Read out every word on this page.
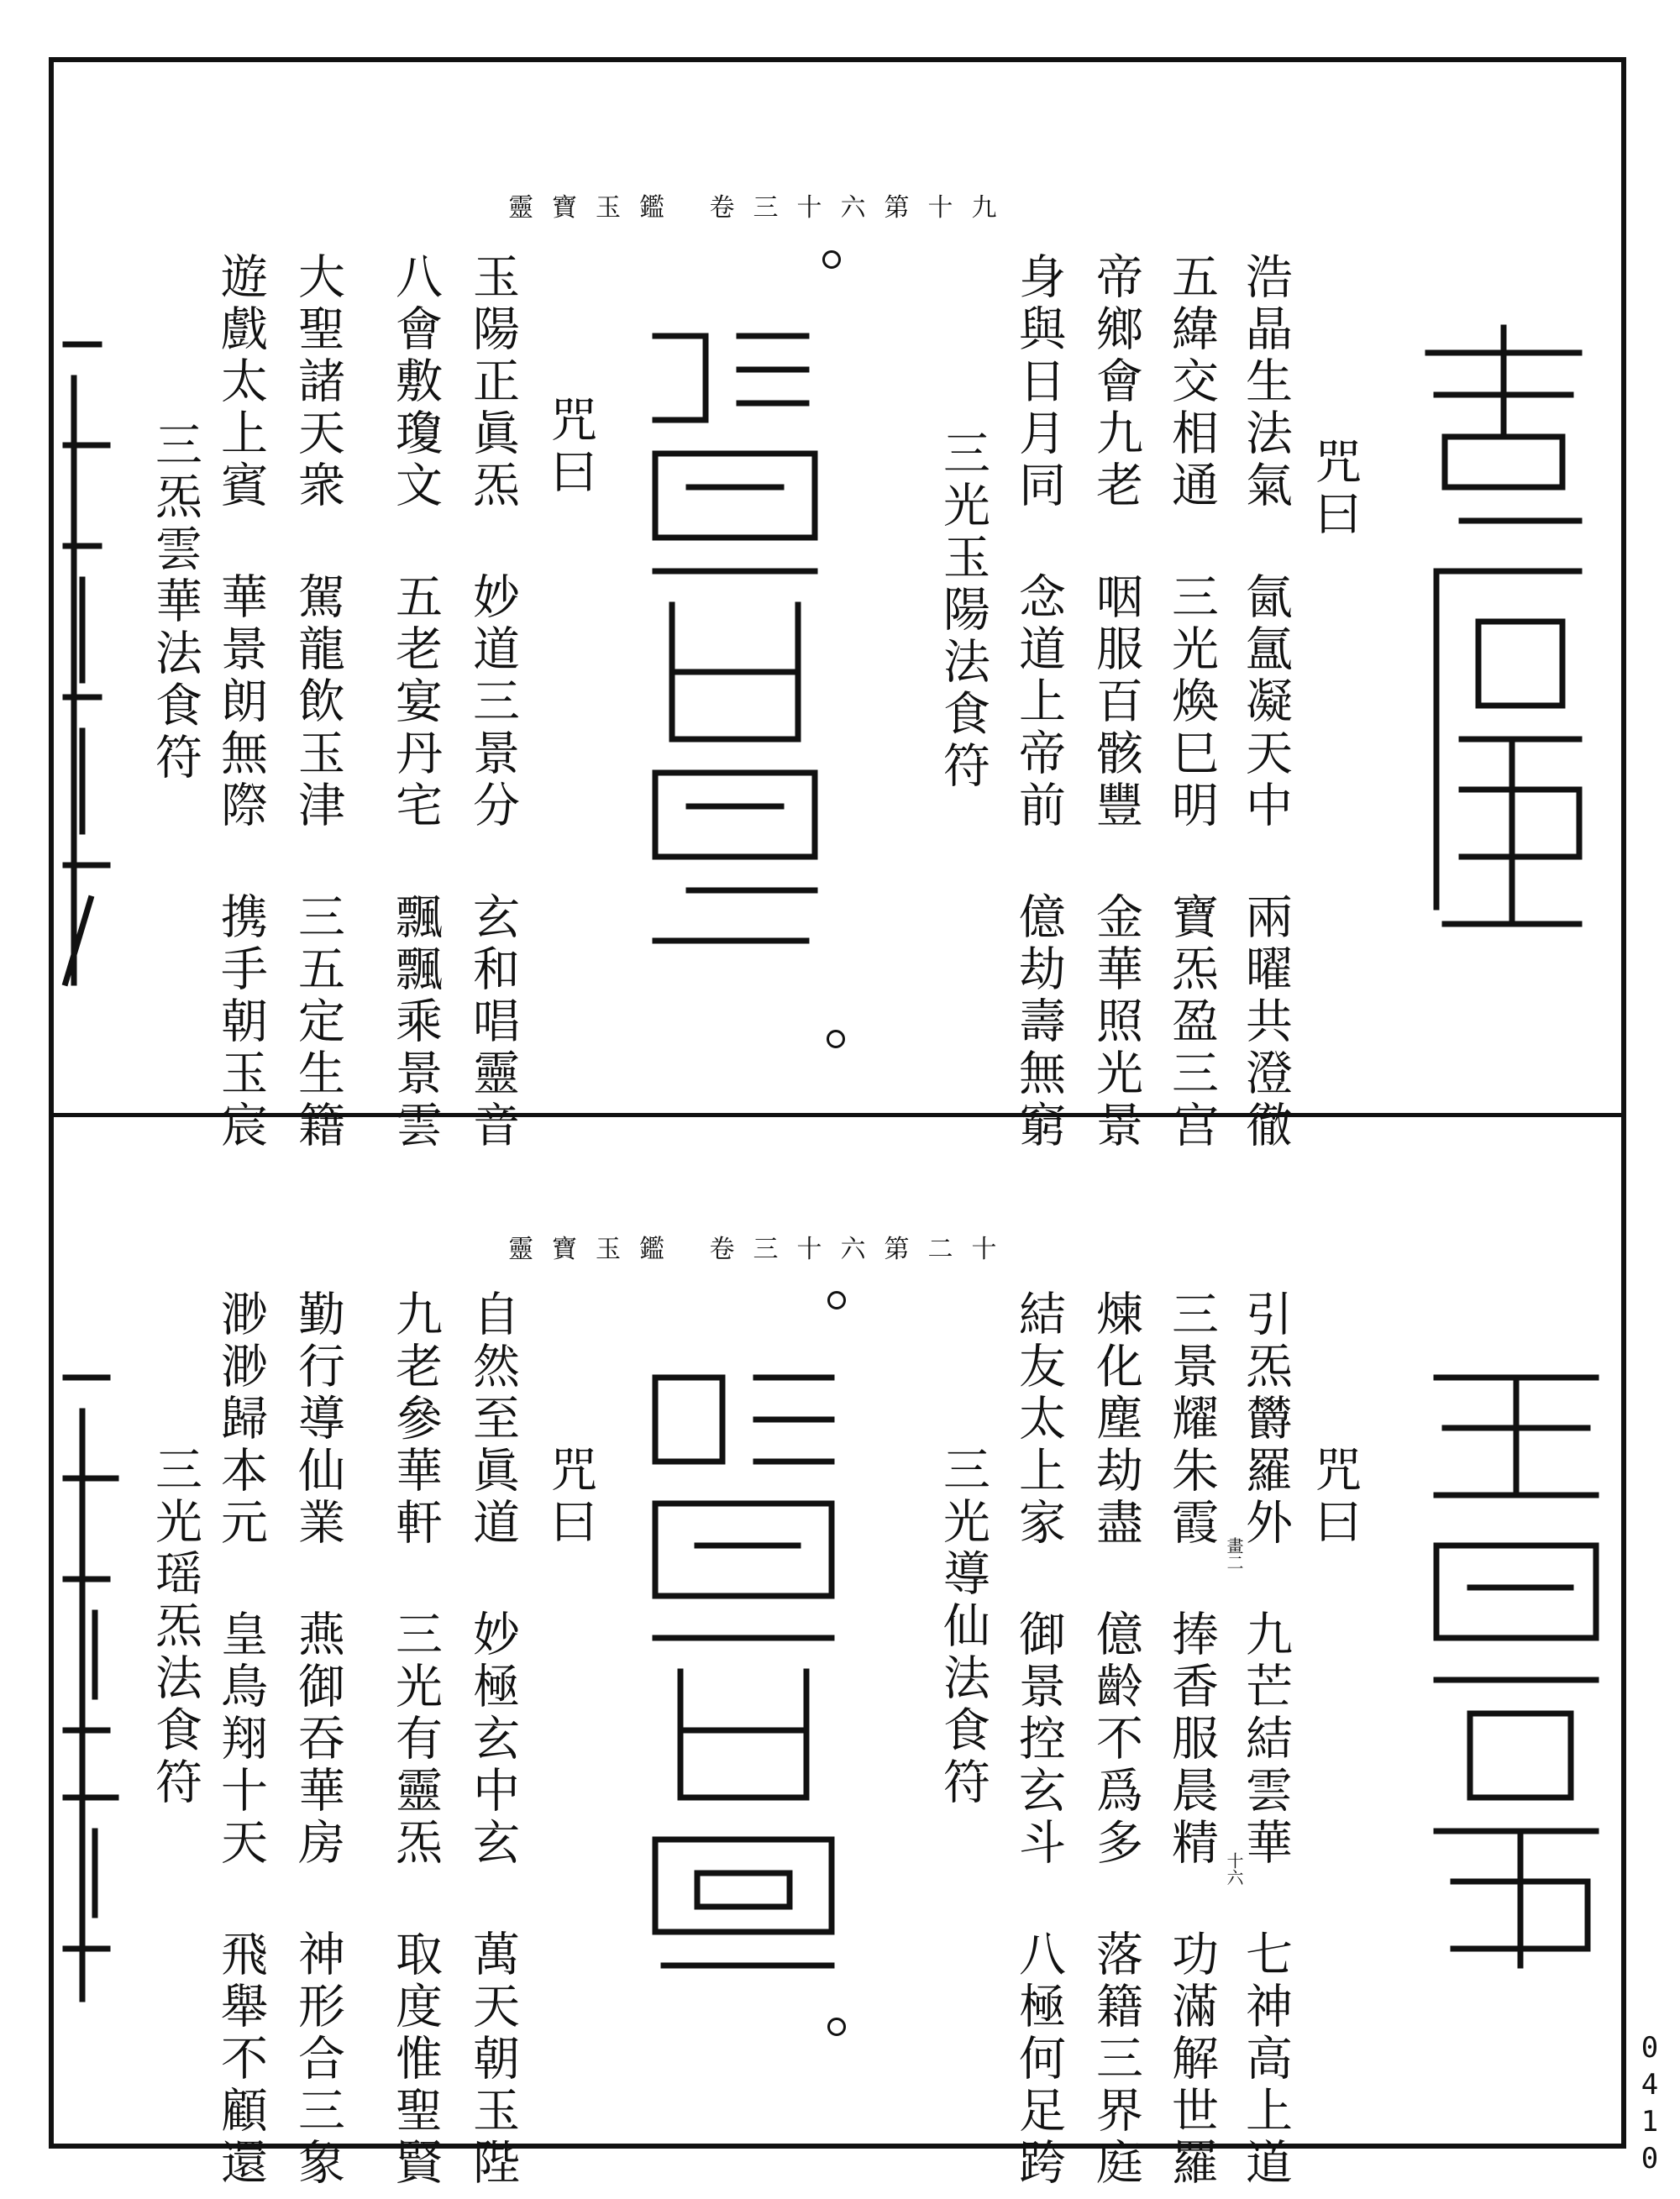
靈寶玉鑑 卷三十六第十九
咒曰
浩晶生法氣 氤氲凝天中 兩曜共澄徹
五緯交相通 三光煥巳明 寶炁盈三宫
帝鄉會九老 咽服百骸豐 金華照光景
身與日月同 念道上帝前 億劫壽無窮
三光玉陽法食符
咒曰
玉陽正眞炁 妙道三景分 玄和唱靈音
八會敷瓊文 五老宴丹宅 飄飄乘景雲
大聖諸天衆 駕龍飲玉津 三五定生籍
遊戲太上賓 華景朗無際 携手朝玉宸
三炁雲華法食符
靈寶玉鑑 卷三十六第二十
咒曰
引炁欝羅外 九芒結雲華 七神高上道
三景耀朱霞 捧香服晨精 功滿解世羅
煉化塵劫盡 億齡不爲多 落籍三界庭
結友太上家 御景控玄斗 八極何足跨
三光導仙法食符	畫二
十六
咒曰
自然至眞道 妙極玄中玄 萬天朝玉陛
九老參華軒 三光有靈炁 取度惟聖賢
勤行導仙業 燕御吞華房 神形合三象
渺渺歸本元 皇鳥翔十天 飛舉不顧還
三光瑶炁法食符
0410
